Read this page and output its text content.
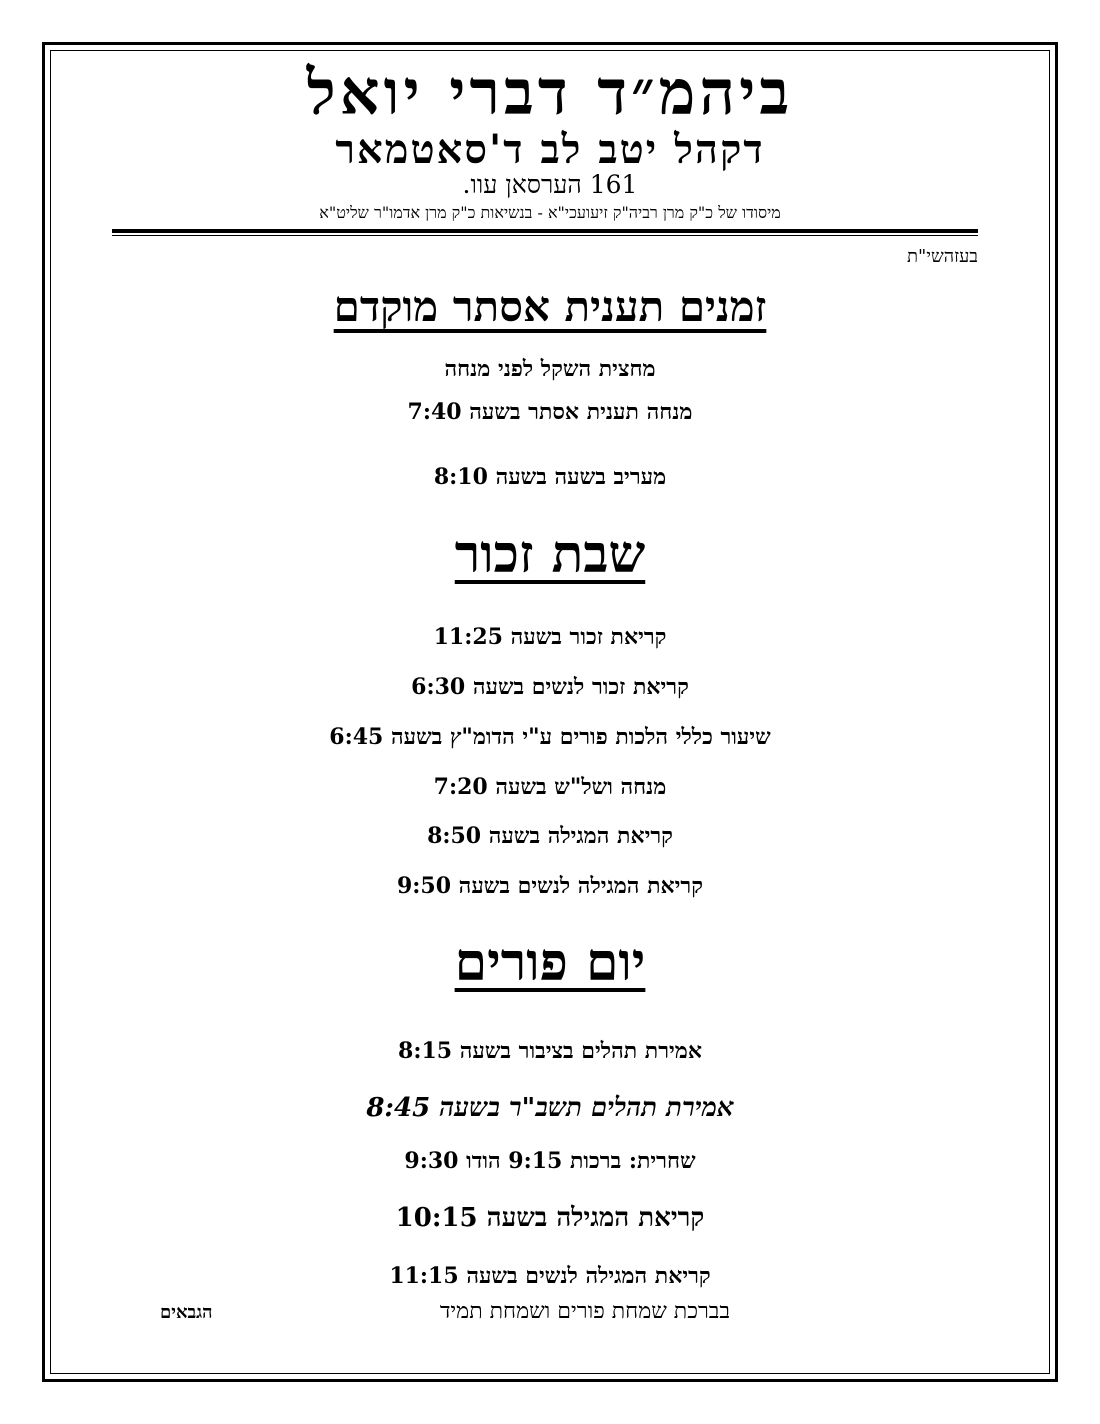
ביהמ״ד דברי יואל
דקהל יטב לב ד'סאטמאר
161 הערסאן עוו.
מיסודו של כ"ק מרן רביה"ק זיעועכי"א - בנשיאות כ"ק מרן אדמו"ר שליט"א
בעזהשי"ת
זמנים תענית אסתר מוקדם
מחצית השקל לפני מנחה
מנחה תענית אסתר בשעה 7:40
מעריב בשעה בשעה 8:10
שבת זכור
קריאת זכור בשעה 11:25
קריאת זכור לנשים בשעה 6:30
שיעור כללי הלכות פורים ע"י הדומ"ץ בשעה 6:45
מנחה ושל"ש בשעה 7:20
קריאת המגילה בשעה 8:50
קריאת המגילה לנשים בשעה 9:50
יום פורים
אמירת תהלים בציבור בשעה 8:15
אמירת תהלים תשב"ר בשעה 8:45
שחרית: ברכות 9:15 הודו 9:30
קריאת המגילה בשעה 10:15
קריאת המגילה לנשים בשעה 11:15
בברכת שמחת פורים ושמחת תמיד
הגבאים
